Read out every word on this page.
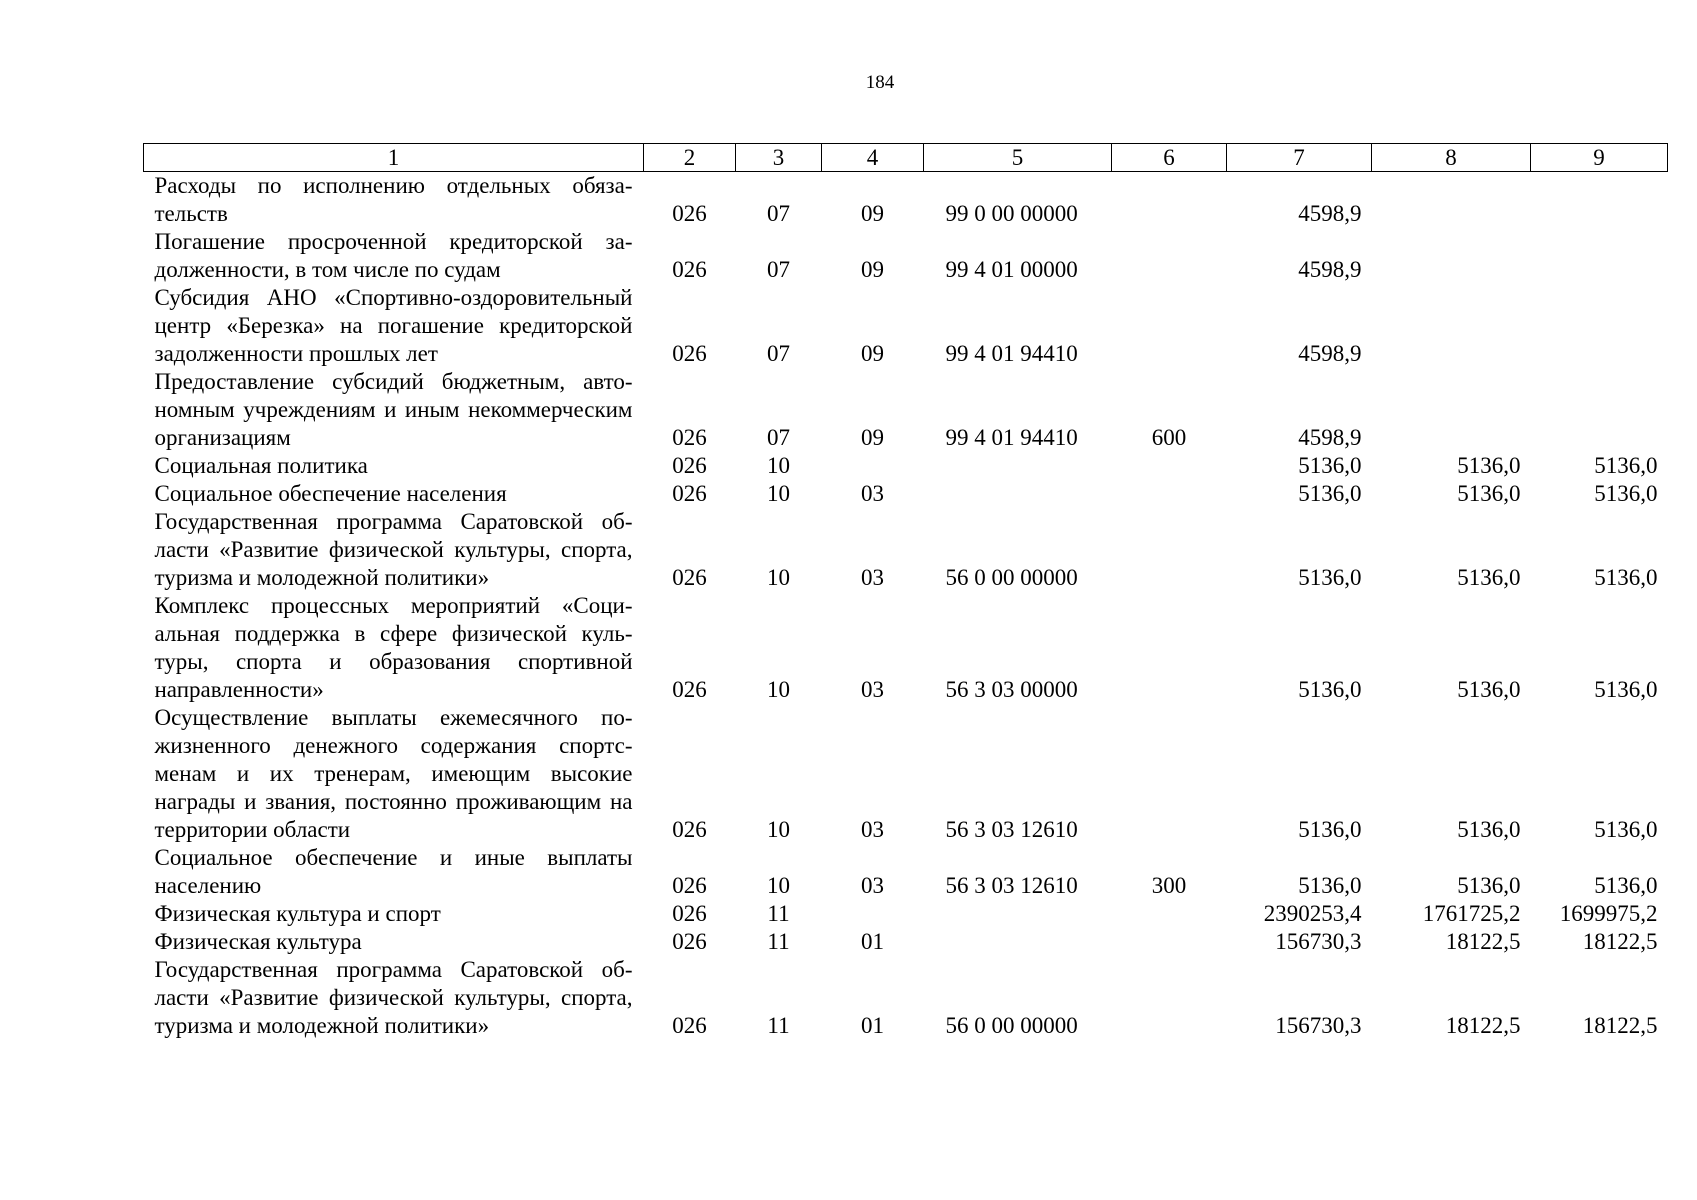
184
1	2	3	4	5	6	7	8	9
Расходы по исполнению отдельных обязательств	026	07	09	99 0 00 00000		4598,9		
Погашение просроченной кредиторской задолженности, в том числе по судам	026	07	09	99 4 01 00000		4598,9		
Субсидия АНО «Спортивно-оздоровительный центр «Березка» на погашение кредиторской задолженности прошлых лет	026	07	09	99 4 01 94410		4598,9		
Предоставление субсидий бюджетным, автономным учреждениям и иным некоммерческим организациям	026	07	09	99 4 01 94410	600	4598,9		
Социальная политика	026	10				5136,0	5136,0	5136,0
Социальное обеспечение населения	026	10	03			5136,0	5136,0	5136,0
Государственная программа Саратовской области «Развитие физической культуры, спорта, туризма и молодежной политики»	026	10	03	56 0 00 00000		5136,0	5136,0	5136,0
Комплекс процессных мероприятий «Социальная поддержка в сфере физической культуры, спорта и образования спортивной направленности»	026	10	03	56 3 03 00000		5136,0	5136,0	5136,0
Осуществление выплаты ежемесячного пожизненного денежного содержания спортсменам и их тренерам, имеющим высокие награды и звания, постоянно проживающим на территории области	026	10	03	56 3 03 12610		5136,0	5136,0	5136,0
Социальное обеспечение и иные выплаты населению	026	10	03	56 3 03 12610	300	5136,0	5136,0	5136,0
Физическая культура и спорт	026	11				2390253,4	1761725,2	1699975,2
Физическая культура	026	11	01			156730,3	18122,5	18122,5
Государственная программа Саратовской области «Развитие физической культуры, спорта, туризма и молодежной политики»	026	11	01	56 0 00 00000		156730,3	18122,5	18122,5
